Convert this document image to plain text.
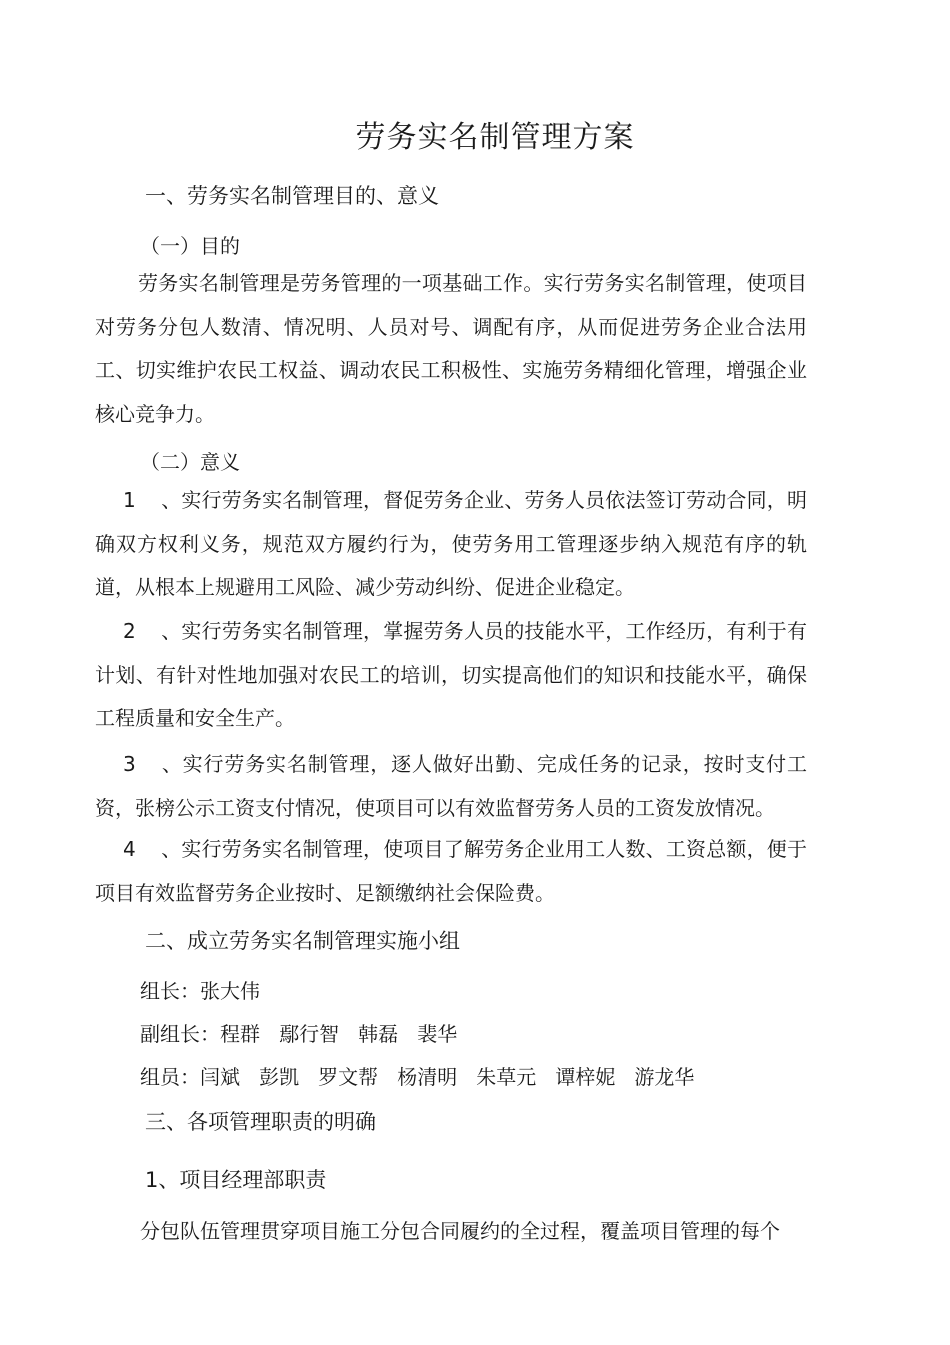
劳务实名制管理方案
一、劳务实名制管理目的、意义
（一）目的

劳务实名制管理是劳务管理的一项基础工作。实行劳务实名制管理，使项目对劳务分包人数清、情况明、人员对号、调配有序，从而促进劳务企业合法用工、切实维护农民工权益、调动农民工积极性、实施劳务精细化管理，增强企业核心竞争力。

（二）意义

1 、实行劳务实名制管理，督促劳务企业、劳务人员依法签订劳动合同，明确双方权利义务，规范双方履约行为，使劳务用工管理逐步纳入规范有序的轨道，从根本上规避用工风险、减少劳动纠纷、促进企业稳定。

2 、实行劳务实名制管理，掌握劳务人员的技能水平，工作经历，有利于有计划、有针对性地加强对农民工的培训，切实提高他们的知识和技能水平，确保工程质量和安全生产。

3 、实行劳务实名制管理，逐人做好出勤、完成任务的记录，按时支付工资，张榜公示工资支付情况，使项目可以有效监督劳务人员的工资发放情况。

4 、实行劳务实名制管理，使项目了解劳务企业用工人数、工资总额，便于项目有效监督劳务企业按时、足额缴纳社会保险费。

二、成立劳务实名制管理实施小组
组长：张大伟
副组长：程群   鄢行智   韩磊   裴华
组员：闫斌   彭凯   罗文帮   杨清明   朱草元   谭梓妮   游龙华
三、各项管理职责的明确
1、项目经理部职责
分包队伍管理贯穿项目施工分包合同履约的全过程，覆盖项目管理的每个
